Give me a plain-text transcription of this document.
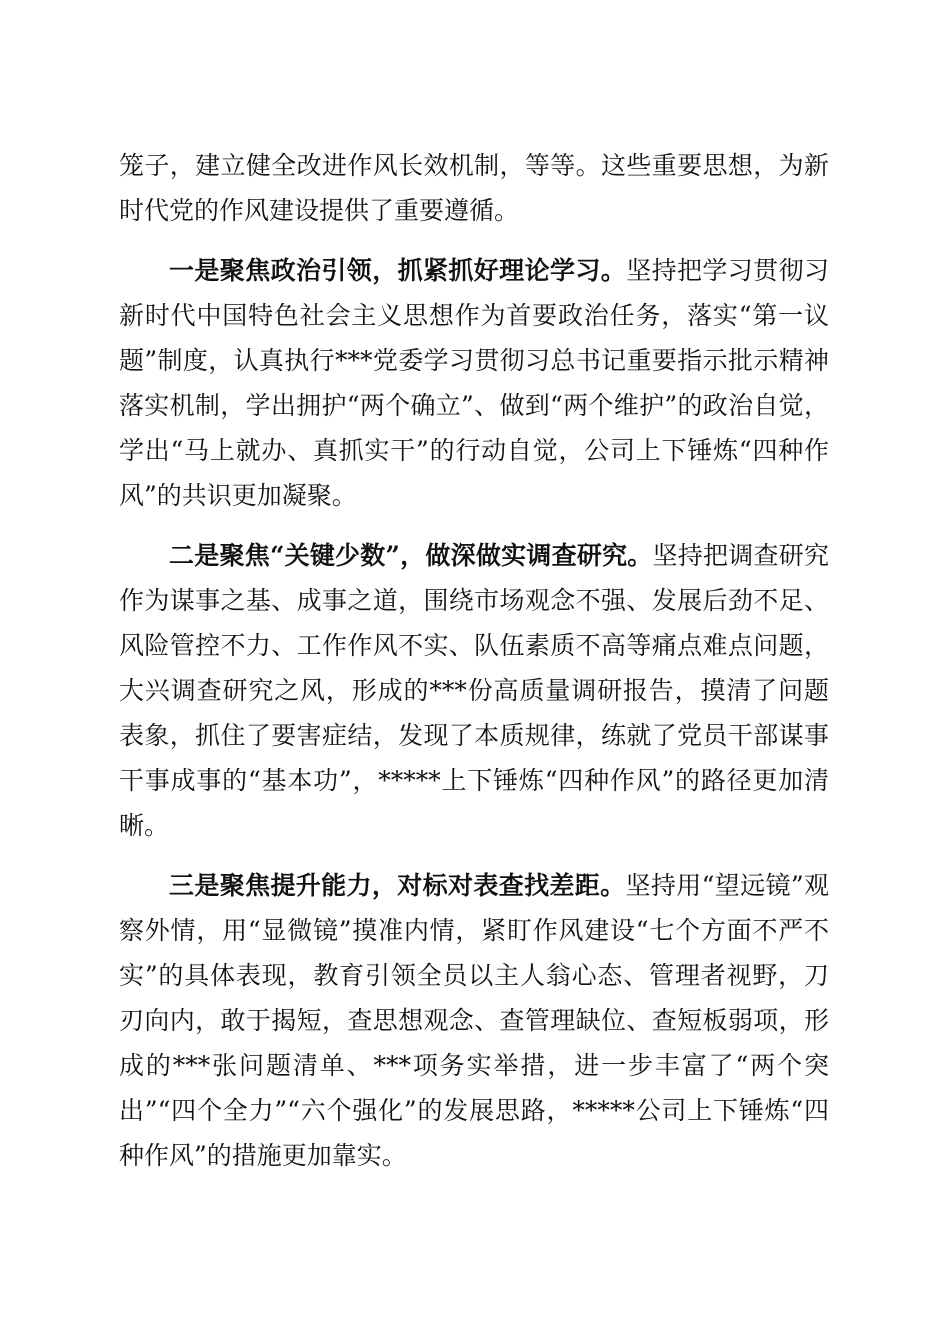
笼子，建立健全改进作风长效机制，等等。这些重要思想，为新时代党的作风建设提供了重要遵循。

一是聚焦政治引领，抓紧抓好理论学习。坚持把学习贯彻习新时代中国特色社会主义思想作为首要政治任务，落实“第一议题”制度，认真执行***党委学习贯彻习总书记重要指示批示精神落实机制，学出拥护“两个确立”、做到“两个维护”的政治自觉，学出“马上就办、真抓实干”的行动自觉，公司上下锤炼“四种作风”的共识更加凝聚。

二是聚焦“关键少数”，做深做实调查研究。坚持把调查研究作为谋事之基、成事之道，围绕市场观念不强、发展后劲不足、风险管控不力、工作作风不实、队伍素质不高等痛点难点问题，大兴调查研究之风，形成的***份高质量调研报告，摸清了问题表象，抓住了要害症结，发现了本质规律，练就了党员干部谋事干事成事的“基本功”，*****上下锤炼“四种作风”的路径更加清晰。

三是聚焦提升能力，对标对表查找差距。坚持用“望远镜”观察外情，用“显微镜”摸准内情，紧盯作风建设“七个方面不严不实”的具体表现，教育引领全员以主人翁心态、管理者视野，刀刃向内，敢于揭短，查思想观念、查管理缺位、查短板弱项，形成的***张问题清单、***项务实举措，进一步丰富了“两个突出”“四个全力”“六个强化”的发展思路，*****公司上下锤炼“四种作风”的措施更加靠实。
